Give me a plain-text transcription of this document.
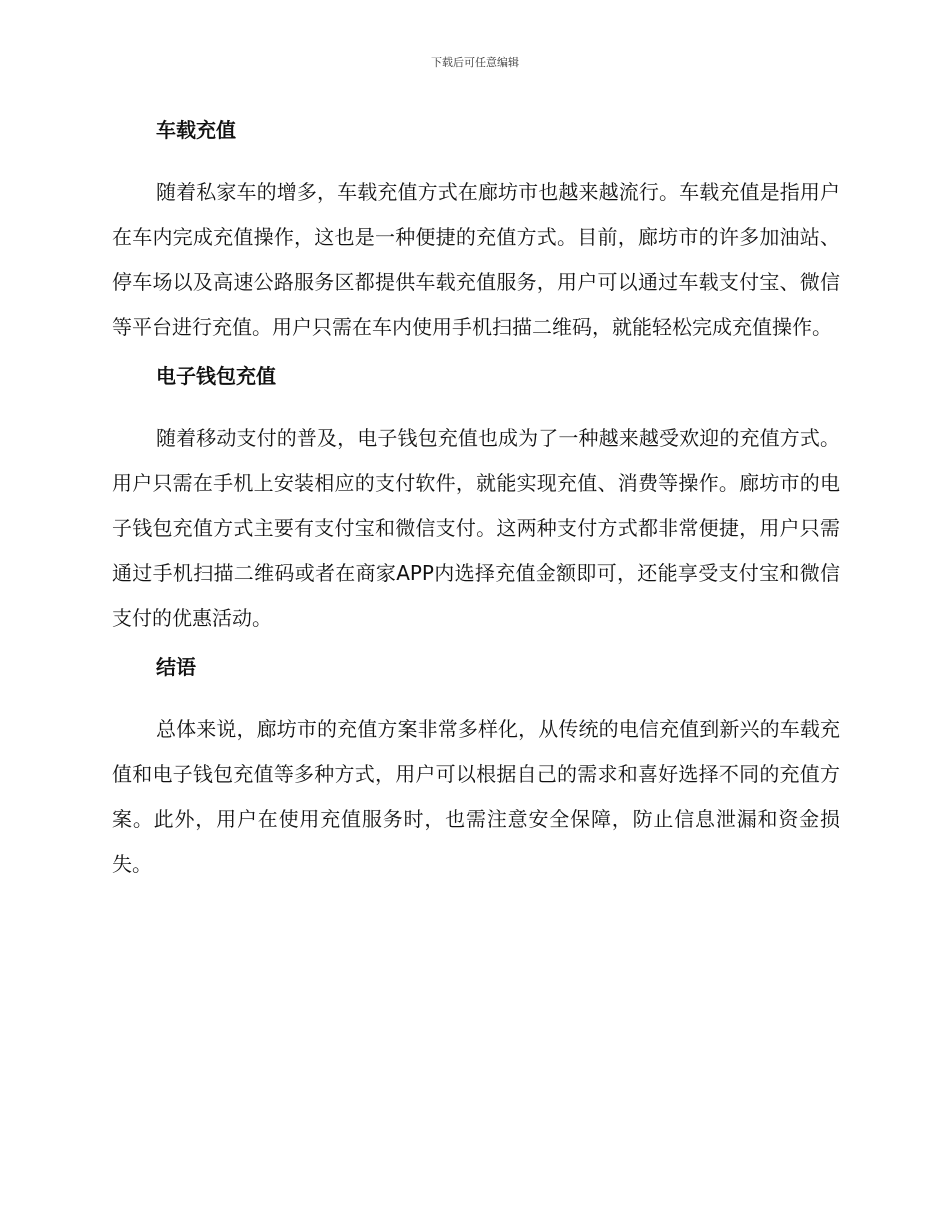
下载后可任意编辑
车载充值

随着私家车的增多，车载充值方式在廊坊市也越来越流行。车载充值是指用户在车内完成充值操作，这也是一种便捷的充值方式。目前，廊坊市的许多加油站、停车场以及高速公路服务区都提供车载充值服务，用户可以通过车载支付宝、微信等平台进行充值。用户只需在车内使用手机扫描二维码，就能轻松完成充值操作。

电子钱包充值

随着移动支付的普及，电子钱包充值也成为了一种越来越受欢迎的充值方式。用户只需在手机上安装相应的支付软件，就能实现充值、消费等操作。廊坊市的电子钱包充值方式主要有支付宝和微信支付。这两种支付方式都非常便捷，用户只需通过手机扫描二维码或者在商家APP内选择充值金额即可，还能享受支付宝和微信支付的优惠活动。

结语

总体来说，廊坊市的充值方案非常多样化，从传统的电信充值到新兴的车载充值和电子钱包充值等多种方式，用户可以根据自己的需求和喜好选择不同的充值方案。此外，用户在使用充值服务时，也需注意安全保障，防止信息泄漏和资金损失。
